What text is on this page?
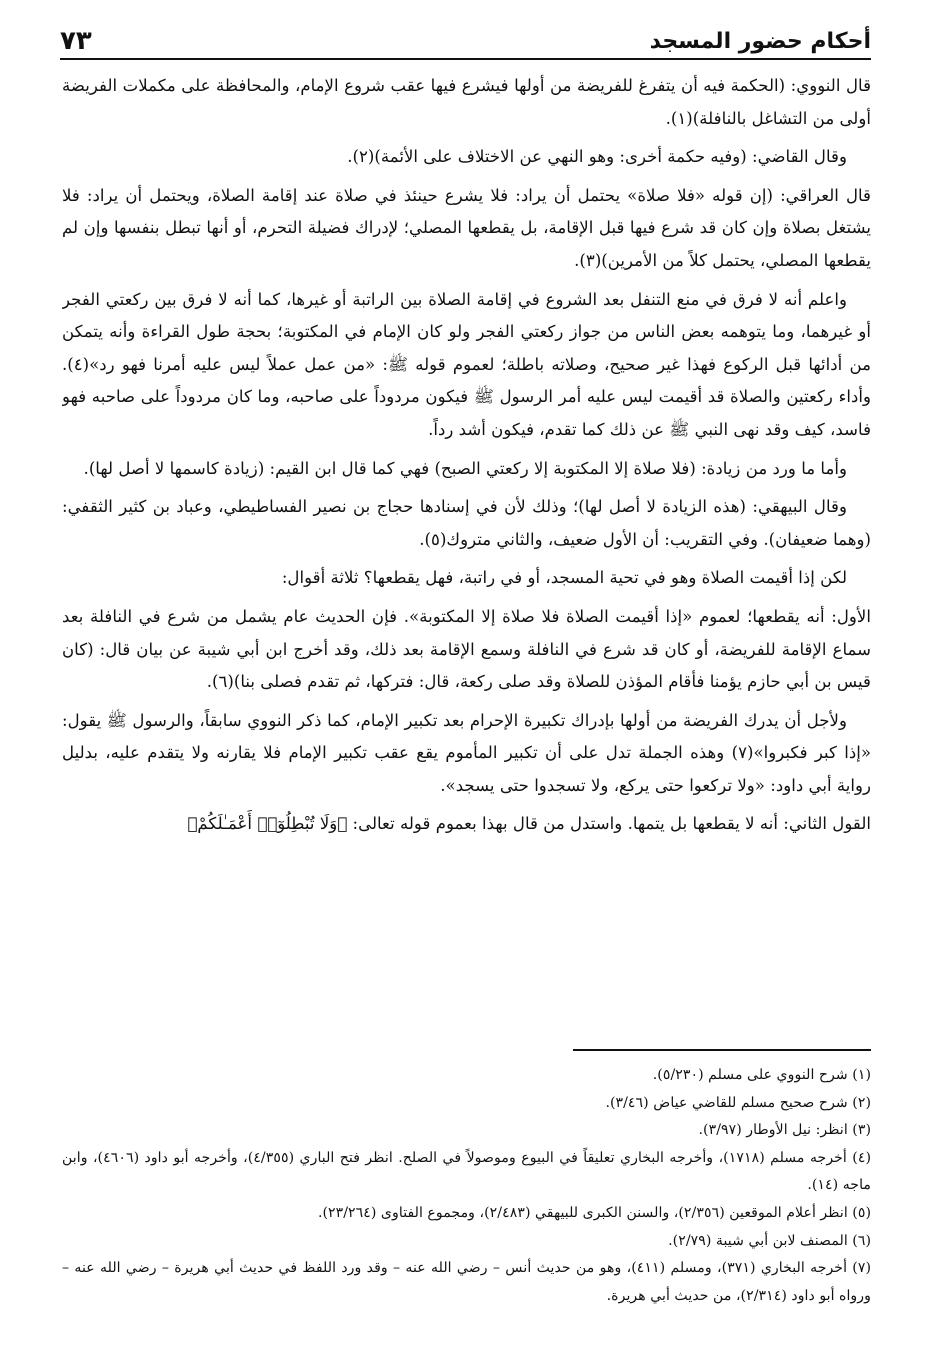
أحكام حضور المسجد
٧٣

قال النووي: (الحكمة فيه أن يتفرغ للفريضة من أولها فيشرع فيها عقب شروع الإمام، والمحافظة على مكملات الفريضة أولى من التشاغل بالنافلة)(١).

وقال القاضي: (وفيه حكمة أخرى: وهو النهي عن الاختلاف على الأئمة)(٢).

قال العراقي: (إن قوله «فلا صلاة» يحتمل أن يراد: فلا يشرع حينئذ في صلاة عند إقامة الصلاة، ويحتمل أن يراد: فلا يشتغل بصلاة وإن كان قد شرع فيها قبل الإقامة، بل يقطعها المصلي؛ لإدراك فضيلة التحرم، أو أنها تبطل بنفسها وإن لم يقطعها المصلي، يحتمل كلاً من الأمرين)(٣).

واعلم أنه لا فرق في منع التنفل بعد الشروع في إقامة الصلاة بين الراتبة أو غيرها، كما أنه لا فرق بين ركعتي الفجر أو غيرهما، وما يتوهمه بعض الناس من جواز ركعتي الفجر ولو كان الإمام في المكتوبة؛ بحجة طول القراءة وأنه يتمكن من أدائها قبل الركوع فهذا غير صحيح، وصلاته باطلة؛ لعموم قوله ﷺ: «من عمل عملاً ليس عليه أمرنا فهو رد»(٤). وأداء ركعتين والصلاة قد أقيمت ليس عليه أمر الرسول ﷺ فيكون مردوداً على صاحبه، وما كان مردوداً على صاحبه فهو فاسد، كيف وقد نهى النبي ﷺ عن ذلك كما تقدم، فيكون أشد رداً.

وأما ما ورد من زيادة: (فلا صلاة إلا المكتوبة إلا ركعتي الصبح) فهي كما قال ابن القيم: (زيادة كاسمها لا أصل لها).

وقال البيهقي: (هذه الزيادة لا أصل لها)؛ وذلك لأن في إسنادها حجاج بن نصير الفساطيطي، وعباد بن كثير الثقفي: (وهما ضعيفان). وفي التقريب: أن الأول ضعيف، والثاني متروك(٥).

لكن إذا أقيمت الصلاة وهو في تحية المسجد، أو في راتبة، فهل يقطعها؟ ثلاثة أقوال:

الأول: أنه يقطعها؛ لعموم «إذا أقيمت الصلاة فلا صلاة إلا المكتوبة». فإن الحديث عام يشمل من شرع في النافلة بعد سماع الإقامة للفريضة، أو كان قد شرع في النافلة وسمع الإقامة بعد ذلك، وقد أخرج ابن أبي شيبة عن بيان قال: (كان قيس بن أبي حازم يؤمنا فأقام المؤذن للصلاة وقد صلى ركعة، قال: فتركها، ثم تقدم فصلى بنا)(٦).

ولأجل أن يدرك الفريضة من أولها بإدراك تكبيرة الإحرام بعد تكبير الإمام، كما ذكر النووي سابقاً، والرسول ﷺ يقول: «إذا كبر فكبروا»(٧) وهذه الجملة تدل على أن تكبير المأموم يقع عقب تكبير الإمام فلا يقارنه ولا يتقدم عليه، بدليل رواية أبي داود: «ولا تركعوا حتى يركع، ولا تسجدوا حتى يسجد».

القول الثاني: أنه لا يقطعها بل يتمها. واستدل من قال بهذا بعموم قوله تعالى: ﴿وَلَا تُبْطِلُوٓا۟ أَعْمَـٰلَكُمْ﴾

(١) شرح النووي على مسلم (٥/٢٣٠).

(٢) شرح صحيح مسلم للقاضي عياض (٣/٤٦).

(٣) انظر: نيل الأوطار (٣/٩٧).

(٤) أخرجه مسلم (١٧١٨)، وأخرجه البخاري تعليقاً في البيوع وموصولاً في الصلح. انظر فتح الباري (٤/٣٥٥)، وأخرجه أبو داود (٤٦٠٦)، وابن ماجه (١٤).

(٥) انظر أعلام الموقعين (٢/٣٥٦)، والسنن الكبرى للبيهقي (٢/٤٨٣)، ومجموع الفتاوى (٢٣/٢٦٤).

(٦) المصنف لابن أبي شيبة (٢/٧٩).

(٧) أخرجه البخاري (٣٧١)، ومسلم (٤١١)، وهو من حديث أنس – رضي الله عنه – وقد ورد اللفظ في حديث أبي هريرة – رضي الله عنه – ورواه أبو داود (٢/٣١٤)، من حديث أبي هريرة.
